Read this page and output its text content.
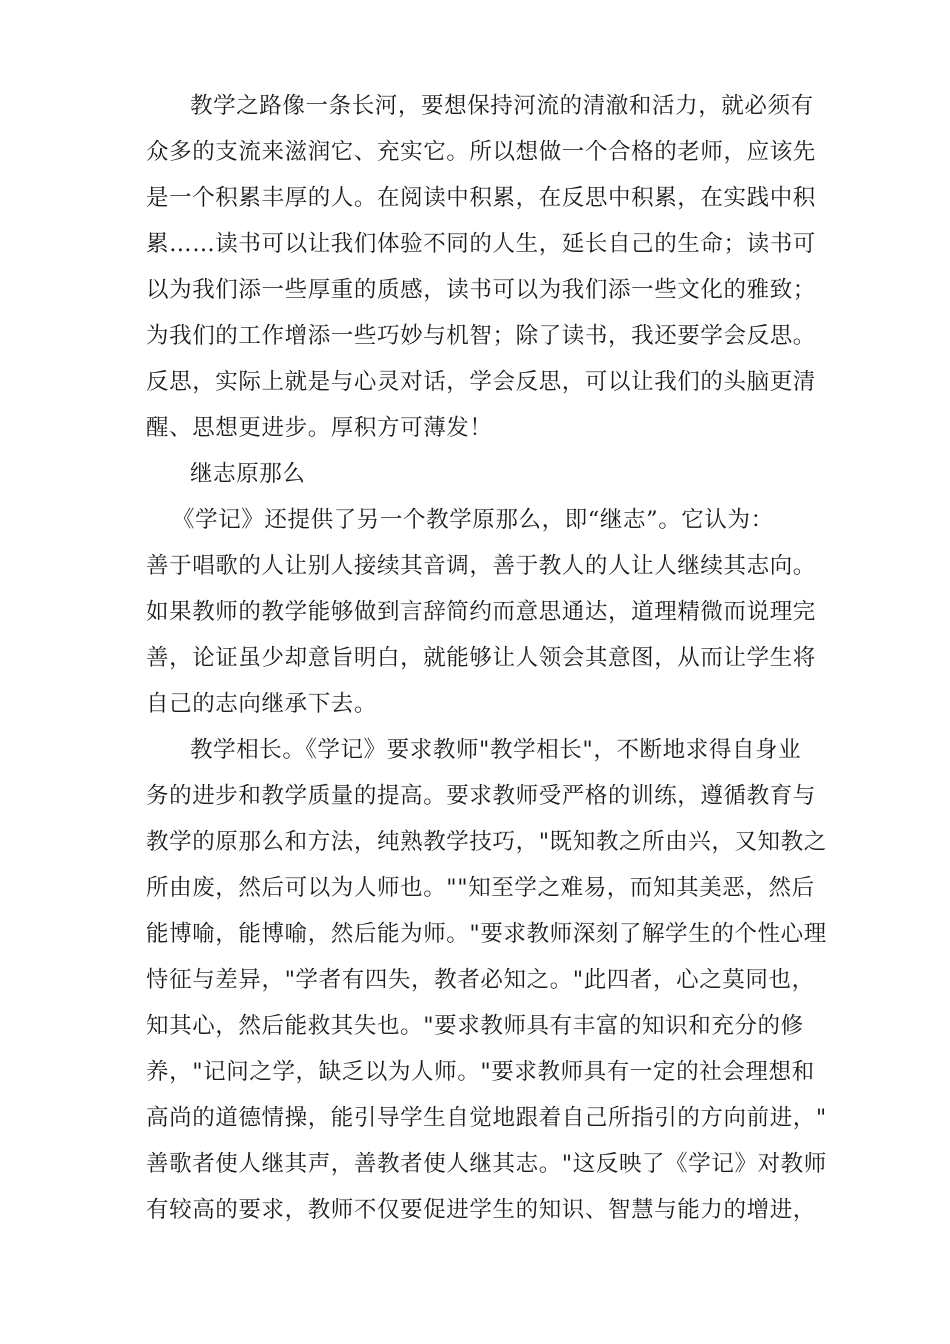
教学之路像一条长河，要想保持河流的清澈和活力，就必须有
众多的支流来滋润它、充实它。所以想做一个合格的老师，应该先
是一个积累丰厚的人。在阅读中积累，在反思中积累，在实践中积
累……读书可以让我们体验不同的人生，延长自己的生命；读书可
以为我们添一些厚重的质感，读书可以为我们添一些文化的雅致；
为我们的工作增添一些巧妙与机智；除了读书，我还要学会反思。
反思，实际上就是与心灵对话，学会反思，可以让我们的头脑更清
醒、思想更进步。厚积方可薄发！
继志原那么
《学记》还提供了另一个教学原那么，即“继志”。它认为：
善于唱歌的人让别人接续其音调，善于教人的人让人继续其志向。
如果教师的教学能够做到言辞简约而意思通达，道理精微而说理完
善，论证虽少却意旨明白，就能够让人领会其意图，从而让学生将
自己的志向继承下去。
教学相长。《学记》要求教师"教学相长"，不断地求得自身业
务的进步和教学质量的提高。要求教师受严格的训练，遵循教育与
教学的原那么和方法，纯熟教学技巧，"既知教之所由兴，又知教之
所由废，然后可以为人师也。""知至学之难易，而知其美恶，然后
能博喻，能博喻，然后能为师。"要求教师深刻了解学生的个性心理
恃征与差异，"学者有四失，教者必知之。"此四者，心之莫同也，
知其心，然后能救其失也。"要求教师具有丰富的知识和充分的修
养，"记问之学，缺乏以为人师。"要求教师具有一定的社会理想和
高尚的道德情操，能引导学生自觉地跟着自己所指引的方向前进，"
善歌者使人继其声，善教者使人继其志。"这反映了《学记》对教师
有较高的要求，教师不仅要促进学生的知识、智慧与能力的增进，
